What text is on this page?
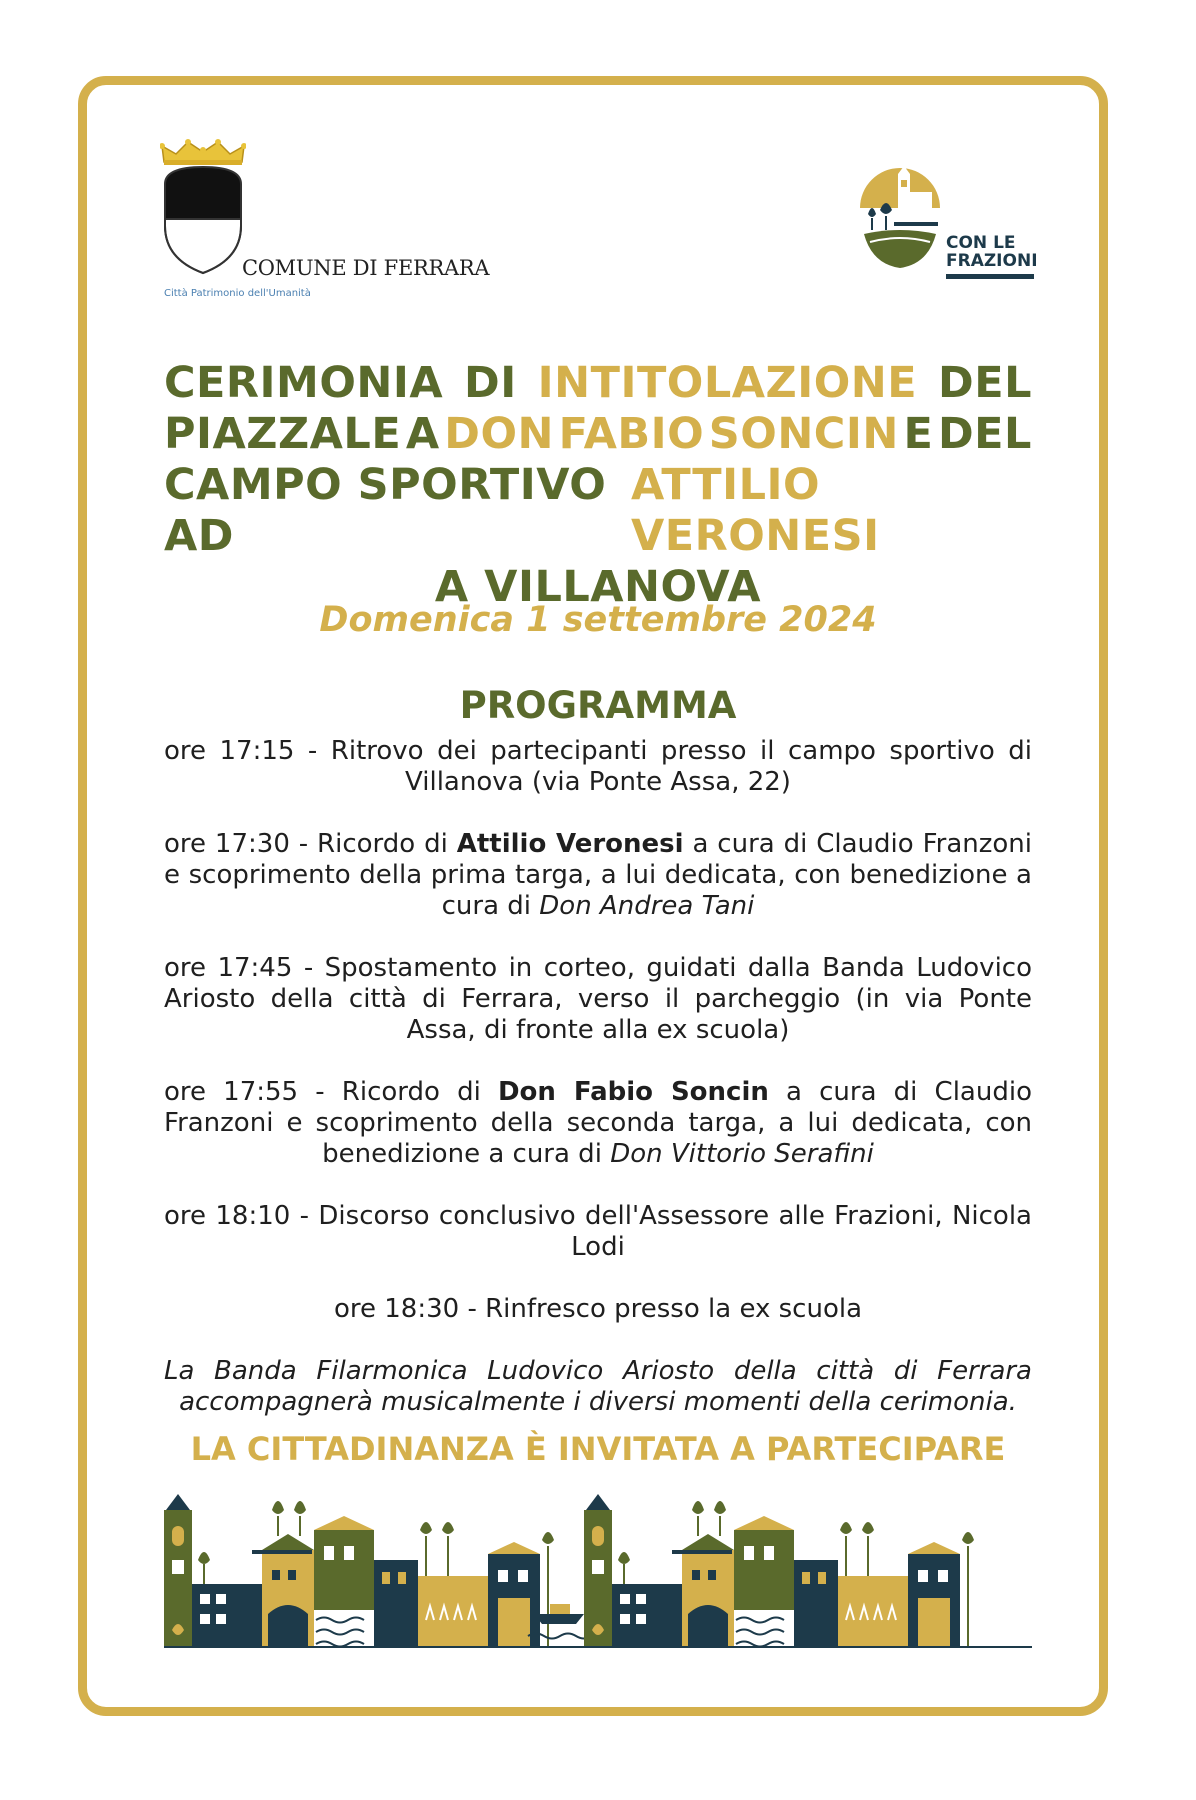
COMUNE DI FERRARA
Città Patrimonio dell'Umanità
CON LE
FRAZIONI
CERIMONIA DI INTITOLAZIONE DEL
PIAZZALE A DON FABIO SONCIN E DEL
CAMPO SPORTIVO AD
ATTILIO VERONESI
A VILLANOVA
Domenica 1 settembre 2024
PROGRAMMA
ore 17:15 - Ritrovo dei partecipanti presso il campo sportivo di Villanova (via Ponte Assa, 22)
ore 17:30 - Ricordo di Attilio Veronesi a cura di Claudio Franzoni e scoprimento della prima targa, a lui dedicata, con benedizione a cura di Don Andrea Tani
ore 17:45 - Spostamento in corteo, guidati dalla Banda Ludovico Ariosto della città di Ferrara, verso il parcheggio (in via Ponte Assa, di fronte alla ex scuola)
ore 17:55 - Ricordo di Don Fabio Soncin a cura di Claudio Franzoni e scoprimento della seconda targa, a lui dedicata, con benedizione a cura di Don Vittorio Serafini
ore 18:10 - Discorso conclusivo dell'Assessore alle Frazioni, Nicola Lodi
ore 18:30 - Rinfresco presso la ex scuola
La Banda Filarmonica Ludovico Ariosto della città di Ferrara accompagnerà musicalmente i diversi momenti della cerimonia.
LA CITTADINANZA È INVITATA A PARTECIPARE
